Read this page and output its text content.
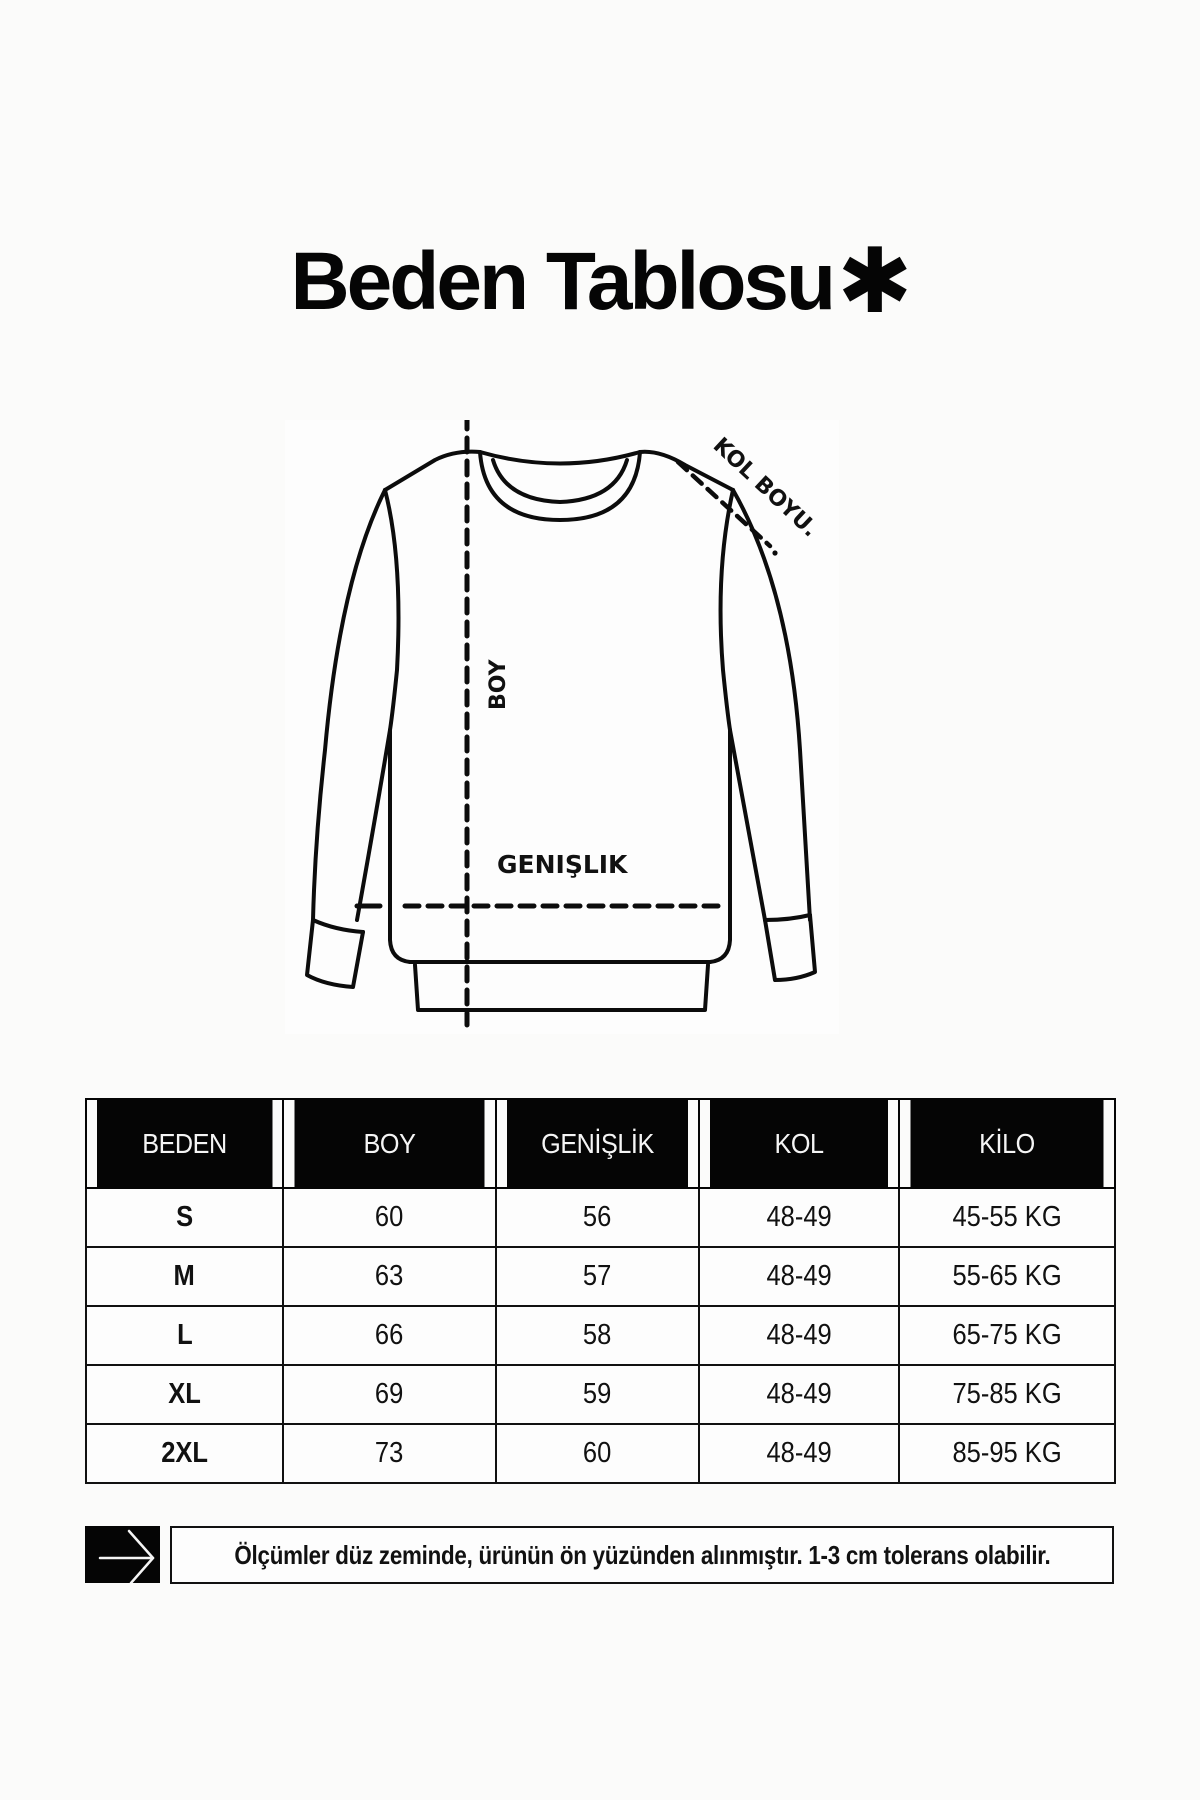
Beden Tablosu✱
BOY
GENIŞLIK
KOL BOYU.
BEDEN	BOY	GENİŞLİK	KOL	KİLO
S	60	56	48-49	45-55 KG
M	63	57	48-49	55-65 KG
L	66	58	48-49	65-75 KG
XL	69	59	48-49	75-85 KG
2XL	73	60	48-49	85-95 KG
Ölçümler düz zeminde, ürünün ön yüzünden alınmıştır. 1-3 cm tolerans olabilir.
